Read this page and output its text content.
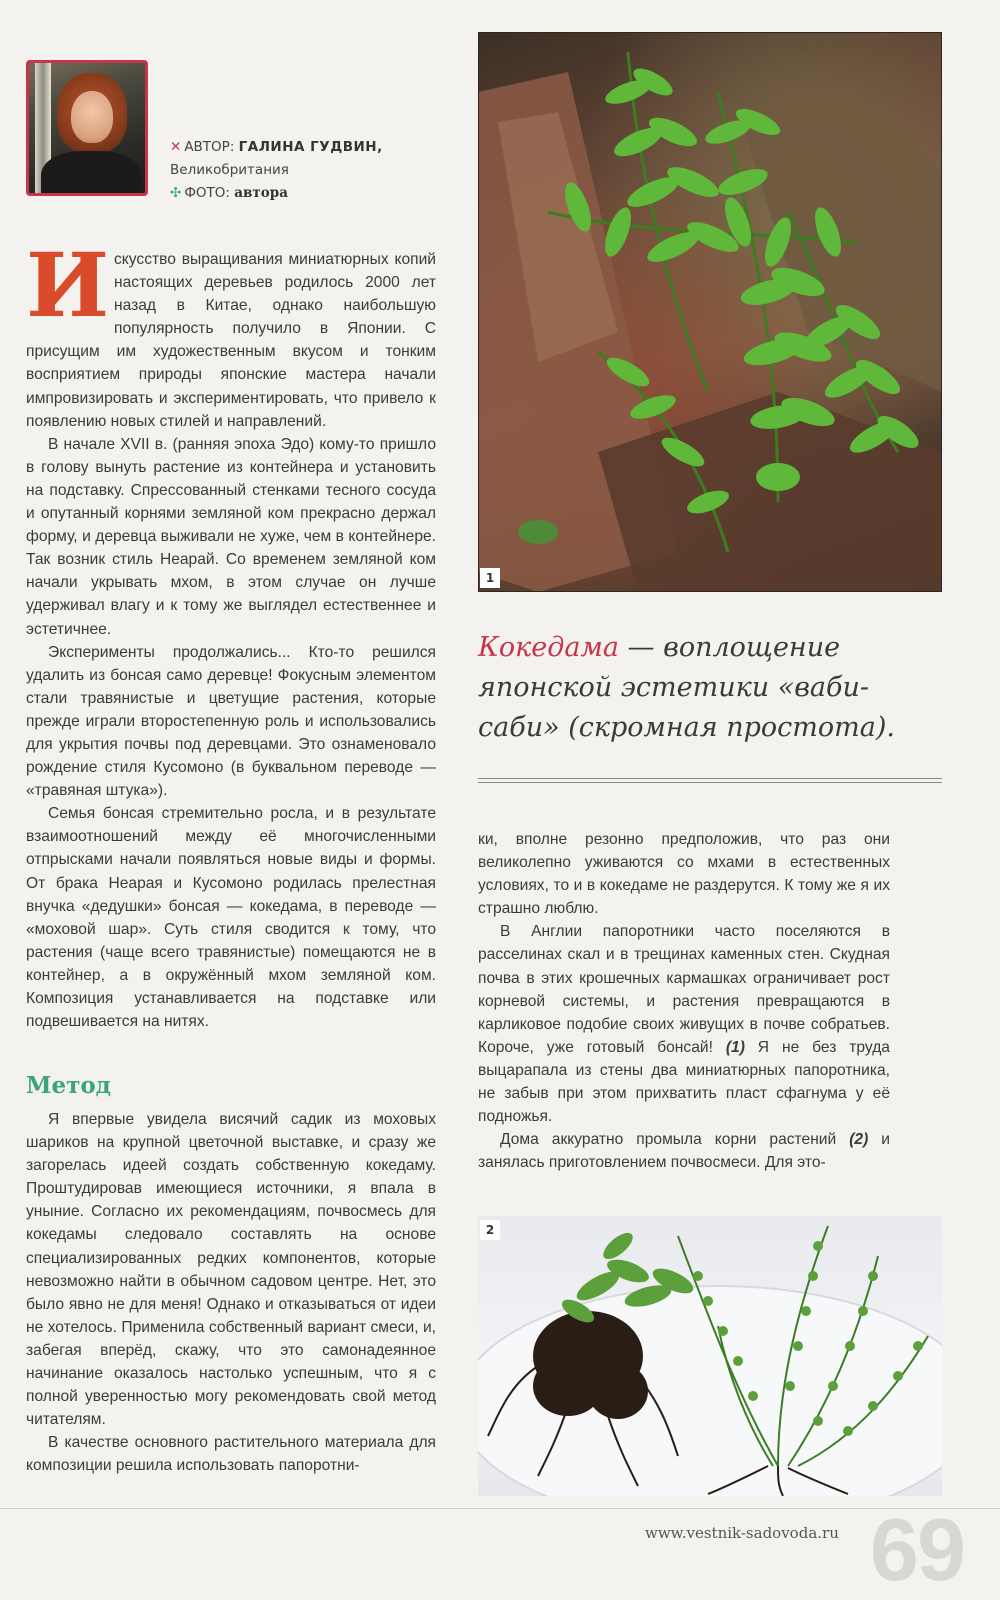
✕ АВТОР: ГАЛИНА ГУДВИН,
Великобритания
✣ ФОТО: автора

И скусство выращивания миниатюрных копий настоящих деревьев родилось 2000 лет назад в Китае, однако наибольшую популярность получило в Японии. С присущим им художественным вкусом и тонким восприятием природы японские мастера начали импровизировать и экспериментировать, что привело к появлению новых стилей и направлений.

В начале XVII в. (ранняя эпоха Эдо) кому-то пришло в голову вынуть растение из контейнера и установить на подставку. Спрессованный стенками тесного сосуда и опутанный корнями земляной ком прекрасно держал форму, и деревца выживали не хуже, чем в контейнере. Так возник стиль Неарай. Со временем земляной ком начали укрывать мхом, в этом случае он лучше удерживал влагу и к тому же выглядел естественнее и эстетичнее.

Эксперименты продолжались... Кто-то решился удалить из бонсая само деревце! Фокусным элементом стали травянистые и цветущие растения, которые прежде играли второстепенную роль и использовались для укрытия почвы под деревцами. Это ознаменовало рождение стиля Кусомоно (в буквальном переводе — «травяная штука»).

Семья бонсая стремительно росла, и в результате взаимоотношений между её многочисленными отпрысками начали появляться новые виды и формы. От брака Неарая и Кусомоно родилась прелестная внучка «дедушки» бонсая — кокедама, в переводе — «моховой шар». Суть стиля сводится к тому, что растения (чаще всего травянистые) помещаются не в контейнер, а в окружённый мхом земляной ком. Композиция устанавливается на подставке или подвешивается на нитях.

Метод

Я впервые увидела висячий садик из моховых шариков на крупной цветочной выставке, и сразу же загорелась идеей создать собственную кокедаму. Проштудировав имеющиеся источники, я впала в уныние. Согласно их рекомендациям, почвосмесь для кокедамы следовало составлять на основе специализированных редких компонентов, которые невозможно найти в обычном садовом центре. Нет, это было явно не для меня! Однако и отказываться от идеи не хотелось. Применила собственный вариант смеси, и, забегая вперёд, скажу, что это самонадеянное начинание оказалось настолько успешным, что я с полной уверенностью могу рекомендовать свой метод читателям.

В качестве основного растительного материала для композиции решила использовать папоротни-

1
Кокедама — воплощение японской эстетики «ваби-саби» (скромная простота).

ки, вполне резонно предположив, что раз они великолепно уживаются со мхами в естественных условиях, то и в кокедаме не раздерутся. К тому же я их страшно люблю.

В Англии папоротники часто поселяются в расселинах скал и в трещинах каменных стен. Скудная почва в этих крошечных кармашках ограничивает рост корневой системы, и растения превращаются в карликовое подобие своих живущих в почве собратьев. Короче, уже готовый бонсай! (1) Я не без труда выцарапала из стены два миниатюрных папоротника, не забыв при этом прихватить пласт сфагнума у её подножья.

Дома аккуратно промыла корни растений (2) и занялась приготовлением почвосмеси. Для это-

2
www.vestnik-sadovoda.ru 69
